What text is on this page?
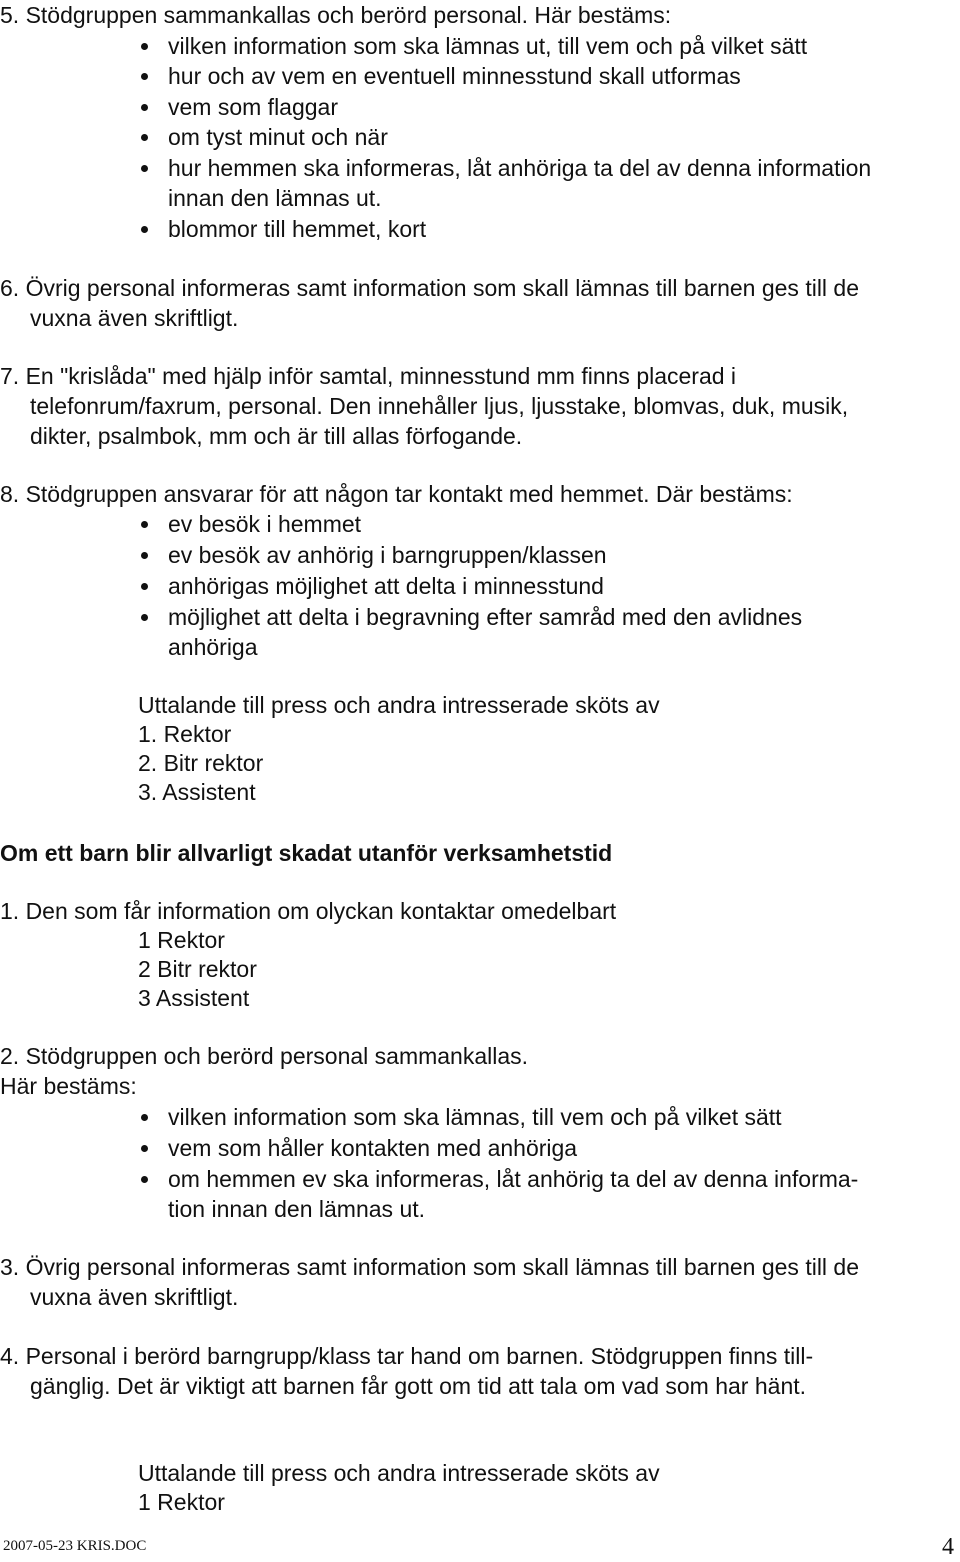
5. Stödgruppen sammankallas och berörd personal. Här bestäms:
vilken information som ska lämnas ut, till vem och på vilket sätt
hur och av vem en eventuell minnesstund skall utformas
vem som flaggar
om tyst minut och när
hur hemmen ska informeras, låt anhöriga ta del av denna information
innan den lämnas ut.
blommor till hemmet, kort
6. Övrig personal informeras samt information som skall lämnas till barnen ges till de
vuxna även skriftligt.
7. En "krislåda" med hjälp inför samtal, minnesstund mm finns placerad i
telefonrum/faxrum, personal. Den innehåller ljus, ljusstake, blomvas, duk, musik,
dikter, psalmbok, mm och är till allas förfogande.
8. Stödgruppen ansvarar för att någon tar kontakt med hemmet. Där bestäms:
ev besök i hemmet
ev besök av anhörig i barngruppen/klassen
anhörigas möjlighet att delta i minnesstund
möjlighet att delta i begravning efter samråd med den avlidnes
anhöriga
Uttalande till press och andra intresserade sköts av
1. Rektor
2. Bitr rektor
3. Assistent
Om ett barn blir allvarligt skadat utanför verksamhetstid
1. Den som får information om olyckan kontaktar omedelbart
1 Rektor
2 Bitr rektor
3 Assistent
2. Stödgruppen och berörd personal sammankallas.
Här bestäms:
vilken information som ska lämnas, till vem och på vilket sätt
vem som håller kontakten med anhöriga
om hemmen ev ska informeras, låt anhörig ta del av denna informa-
tion innan den lämnas ut.
3. Övrig personal informeras samt information som skall lämnas till barnen ges till de
vuxna även skriftligt.
4. Personal i berörd barngrupp/klass tar hand om barnen. Stödgruppen finns till-
gänglig. Det är viktigt att barnen får gott om tid att tala om vad som har hänt.
Uttalande till press och andra intresserade sköts av
1 Rektor
2007-05-23 KRIS.DOC	4
